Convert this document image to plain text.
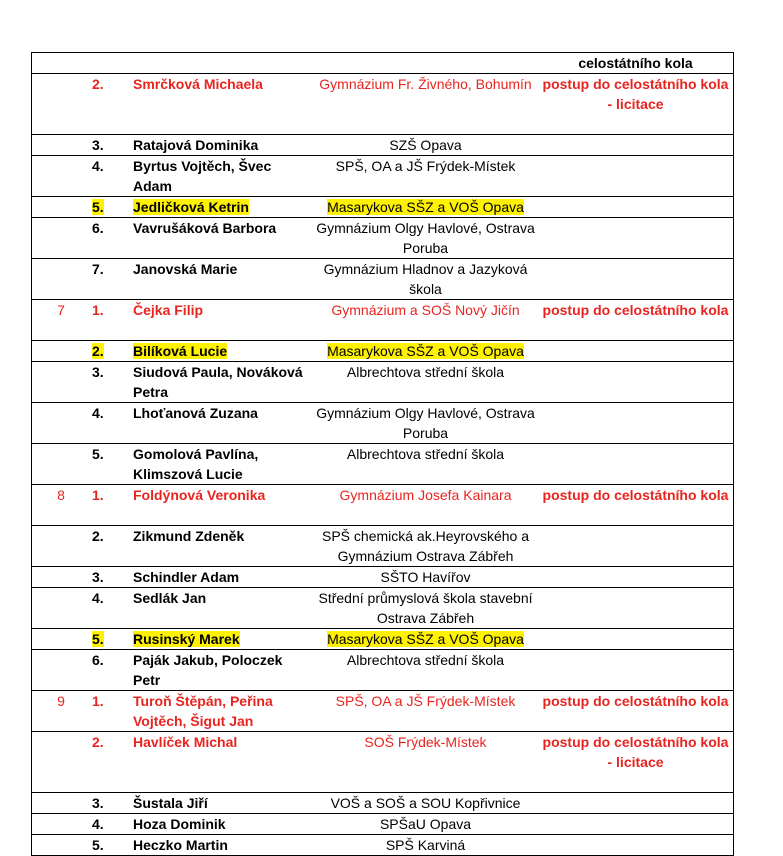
				celostátního kola
	2.	Smrčková Michaela	Gymnázium Fr. Živného, Bohumín	postup do celostátního kola - licitace
	3.	Ratajová Dominika	SZŠ Opava	
	4.	Byrtus Vojtěch, Švec Adam	SPŠ, OA a JŠ Frýdek-Místek	
	5.	Jedličková Ketrin	Masarykova SŠZ a VOŠ Opava	
	6.	Vavrušáková Barbora	Gymnázium Olgy Havlové, Ostrava Poruba	
	7.	Janovská Marie	Gymnázium Hladnov a Jazyková škola	
7	1.	Čejka Filip	Gymnázium a SOŠ Nový Jičín	postup do celostátního kola
	2.	Bilíková Lucie	Masarykova SŠZ a VOŠ Opava	
	3.	Siudová Paula, Nováková Petra	Albrechtova střední škola	
	4.	Lhoťanová Zuzana	Gymnázium Olgy Havlové, Ostrava Poruba	
	5.	Gomolová Pavlína, Klimszová Lucie	Albrechtova střední škola	
8	1.	Foldýnová Veronika	Gymnázium Josefa Kainara	postup do celostátního kola
	2.	Zikmund Zdeněk	SPŠ chemická ak.Heyrovského a Gymnázium Ostrava Zábřeh	
	3.	Schindler Adam	SŠTO Havířov	
	4.	Sedlák Jan	Střední průmyslová škola stavební Ostrava Zábřeh	
	5.	Rusinský Marek	Masarykova SŠZ a VOŠ Opava	
	6.	Paják Jakub, Poloczek Petr	Albrechtova střední škola	
9	1.	Turoň Štěpán, Peřina Vojtěch, Šigut Jan	SPŠ, OA a JŠ Frýdek-Místek	postup do celostátního kola
	2.	Havlíček Michal	SOŠ Frýdek-Místek	postup do celostátního kola - licitace
	3.	Šustala Jiří	VOŠ a SOŠ a SOU Kopřivnice	
	4.	Hoza Dominik	SPŠaU Opava	
	5.	Heczko Martin	SPŠ Karviná	
